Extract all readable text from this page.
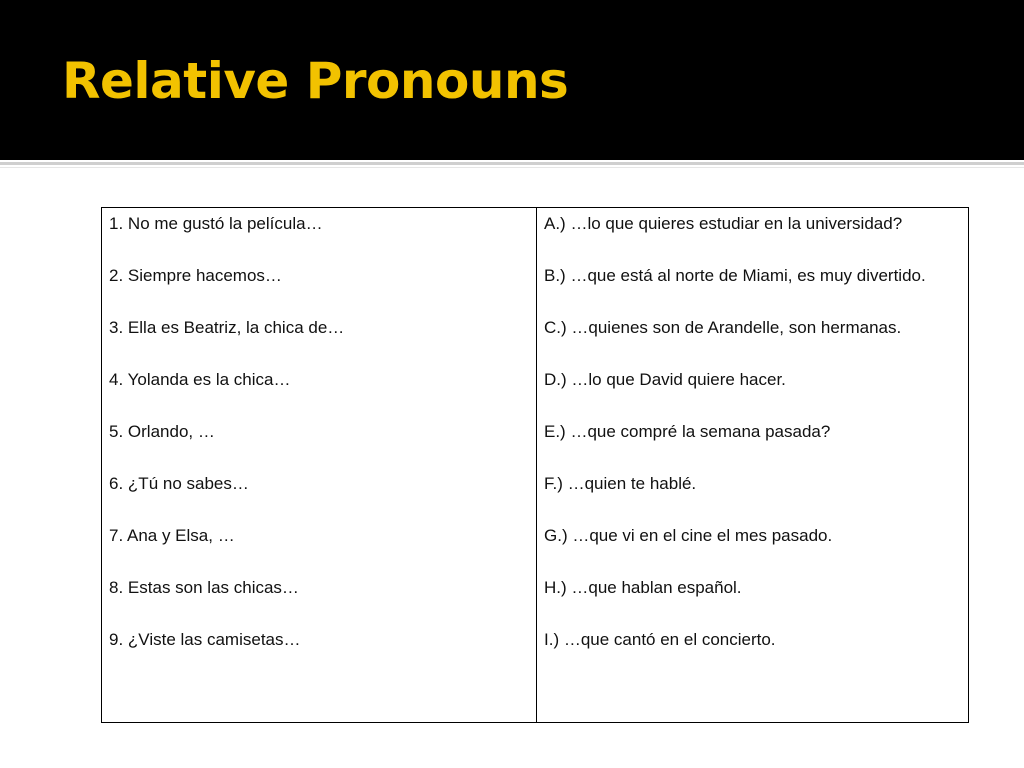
Relative Pronouns
1. No me gustó la película…
2. Siempre hacemos…
3. Ella es Beatriz, la chica de…
4. Yolanda es la chica…
5. Orlando, …
6. ¿Tú no sabes…
7. Ana y Elsa, …
8. Estas son las chicas…
9. ¿Viste las camisetas…
A.) …lo que quieres estudiar en la universidad?
B.) …que está al norte de Miami, es muy divertido.
C.) …quienes son de Arandelle, son hermanas.
D.) …lo que David quiere hacer.
E.) …que compré la semana pasada?
F.) …quien te hablé.
G.) …que vi en el cine el mes pasado.
H.) …que hablan español.
I.) …que cantó en el concierto.
